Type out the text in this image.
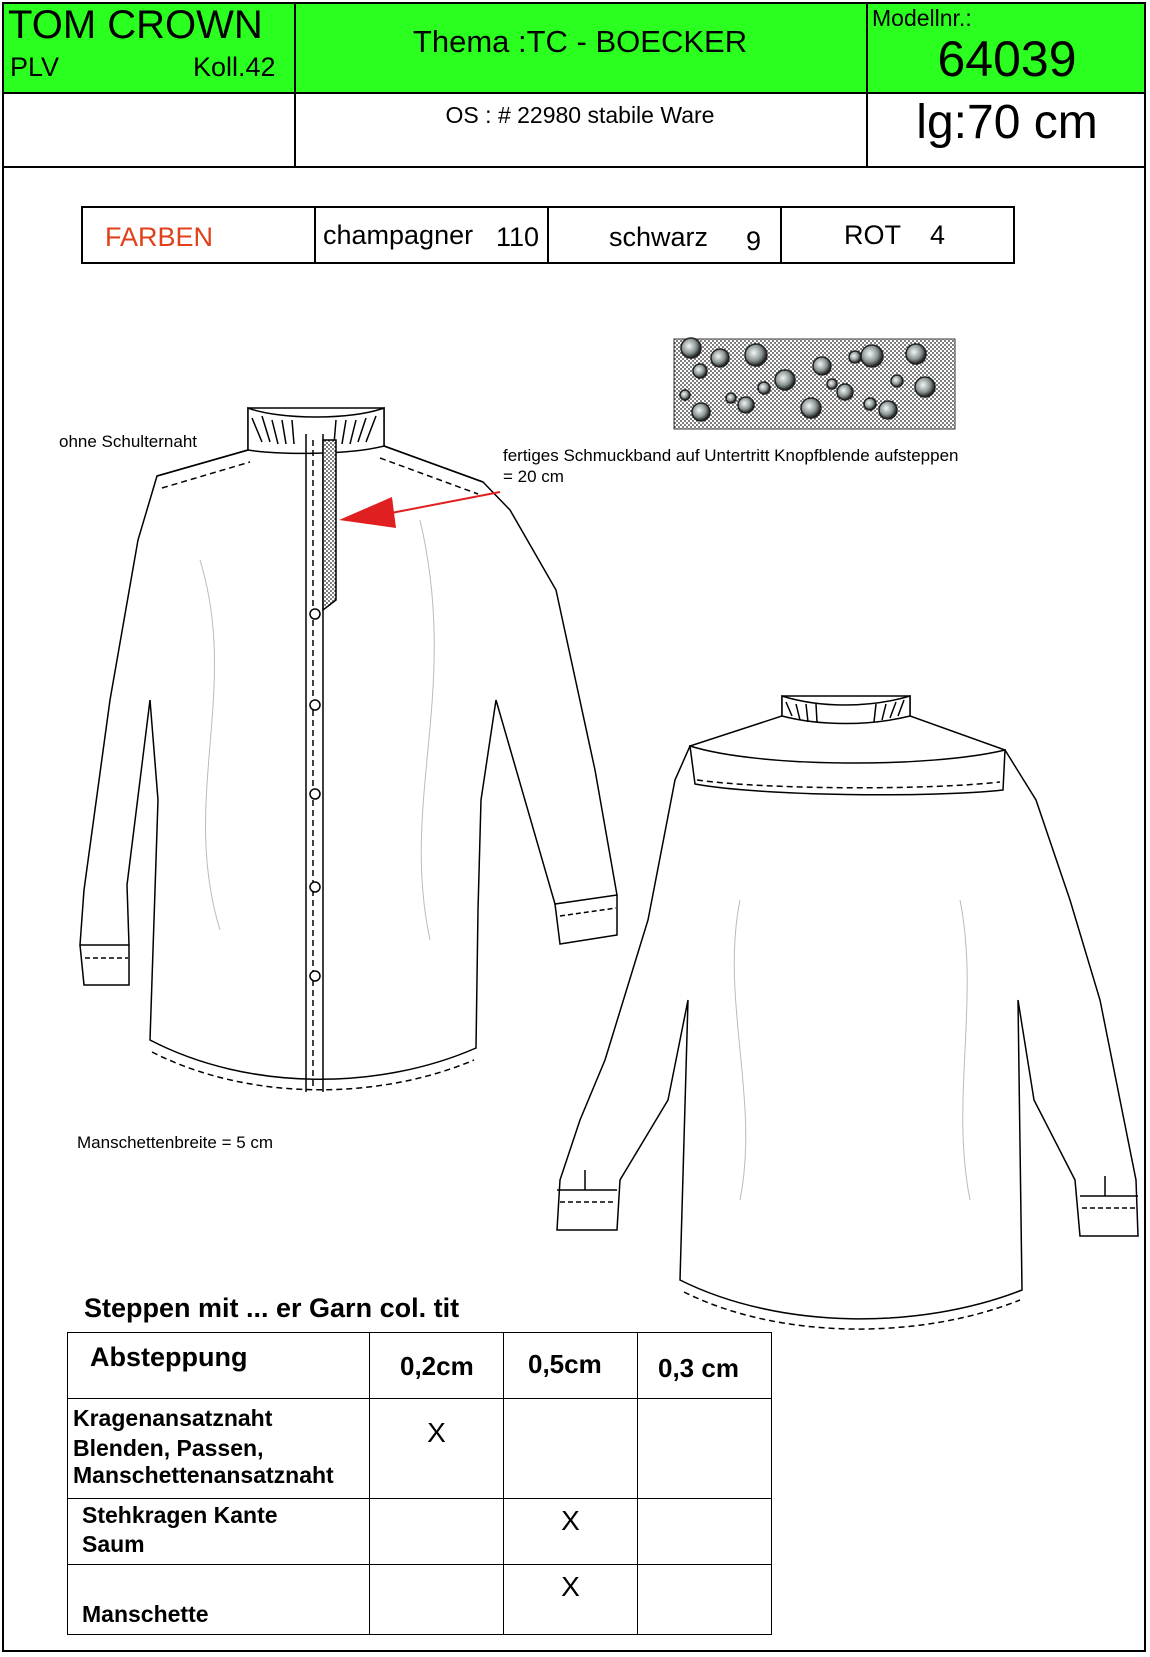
TOM CROWN
PLV	Koll.42
Thema :TC - BOECKER
Modellnr.:
64039
OS : # 22980 stabile Ware	lg:70 cm
FARBEN	champagner 110	schwarz 9	ROT 4
ohne Schulternaht
fertiges Schmuckband auf Untertritt Knopfblende aufsteppen
= 20 cm
Manschettenbreite = 5 cm
Steppen mit ... er Garn col. tit
Absteppung	0,2cm	0,5cm	0,3 cm

Kragenansatznaht
Blenden, Passen,
Manschettenansatznaht	X		

Stehkragen Kante
Saum		X	

Manschette		X	
